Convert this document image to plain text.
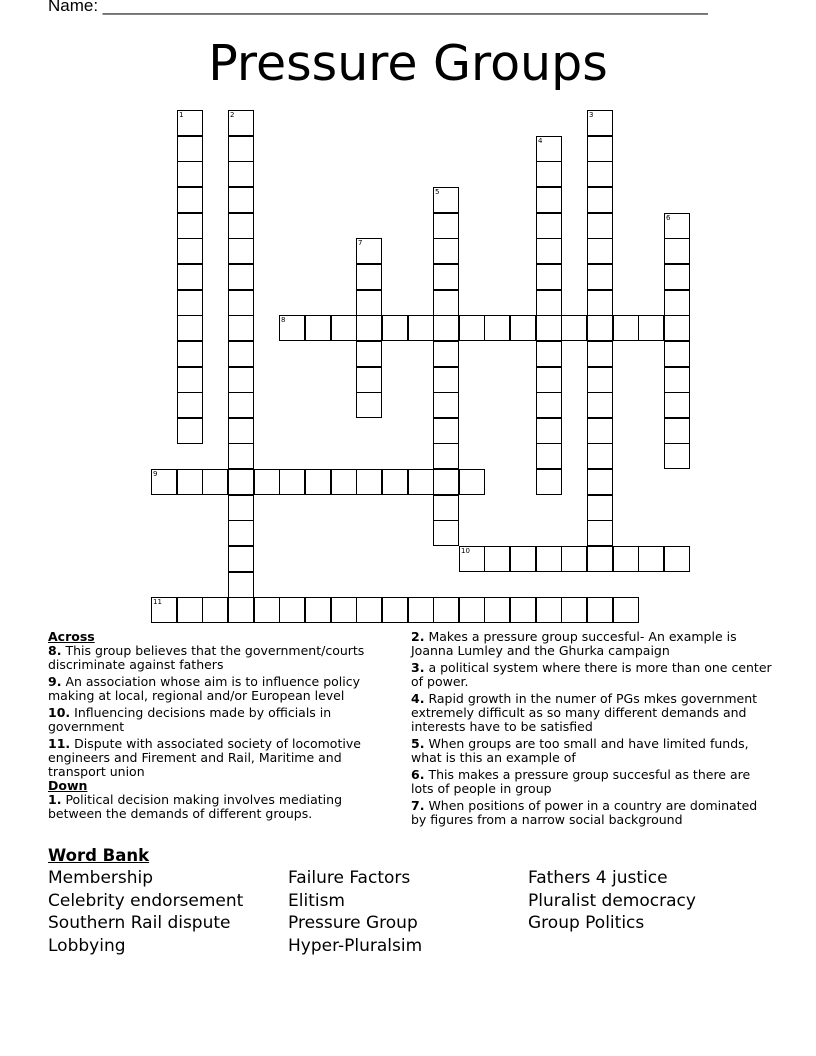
Name: ________________________________________________________________
Pressure Groups
1	2	3
4
5
6
7
8
9
10
11
Across
8. This group believes that the government/courts discriminate against fathers
9. An association whose aim is to influence policy making at local, regional and/or European level
10. Influencing decisions made by officials in government
11. Dispute with associated society of locomotive engineers and Firement and Rail, Maritime and transport union
Down
1. Political decision making involves mediating between the demands of different groups.
2. Makes a pressure group succesful- An example is Joanna Lumley and the Ghurka campaign
3. a political system where there is more than one center of power.
4. Rapid growth in the numer of PGs mkes government extremely difficult as so many different demands and interests have to be satisfied
5. When groups are too small and have limited funds, what is this an example of
6. This makes a pressure group succesful as there are lots of people in group
7. When positions of power in a country are dominated by figures from a narrow social background
Word Bank
Membership
Celebrity endorsement
Southern Rail dispute
Lobbying
Failure Factors
Elitism
Pressure Group
Hyper-Pluralsim
Fathers 4 justice
Pluralist democracy
Group Politics
